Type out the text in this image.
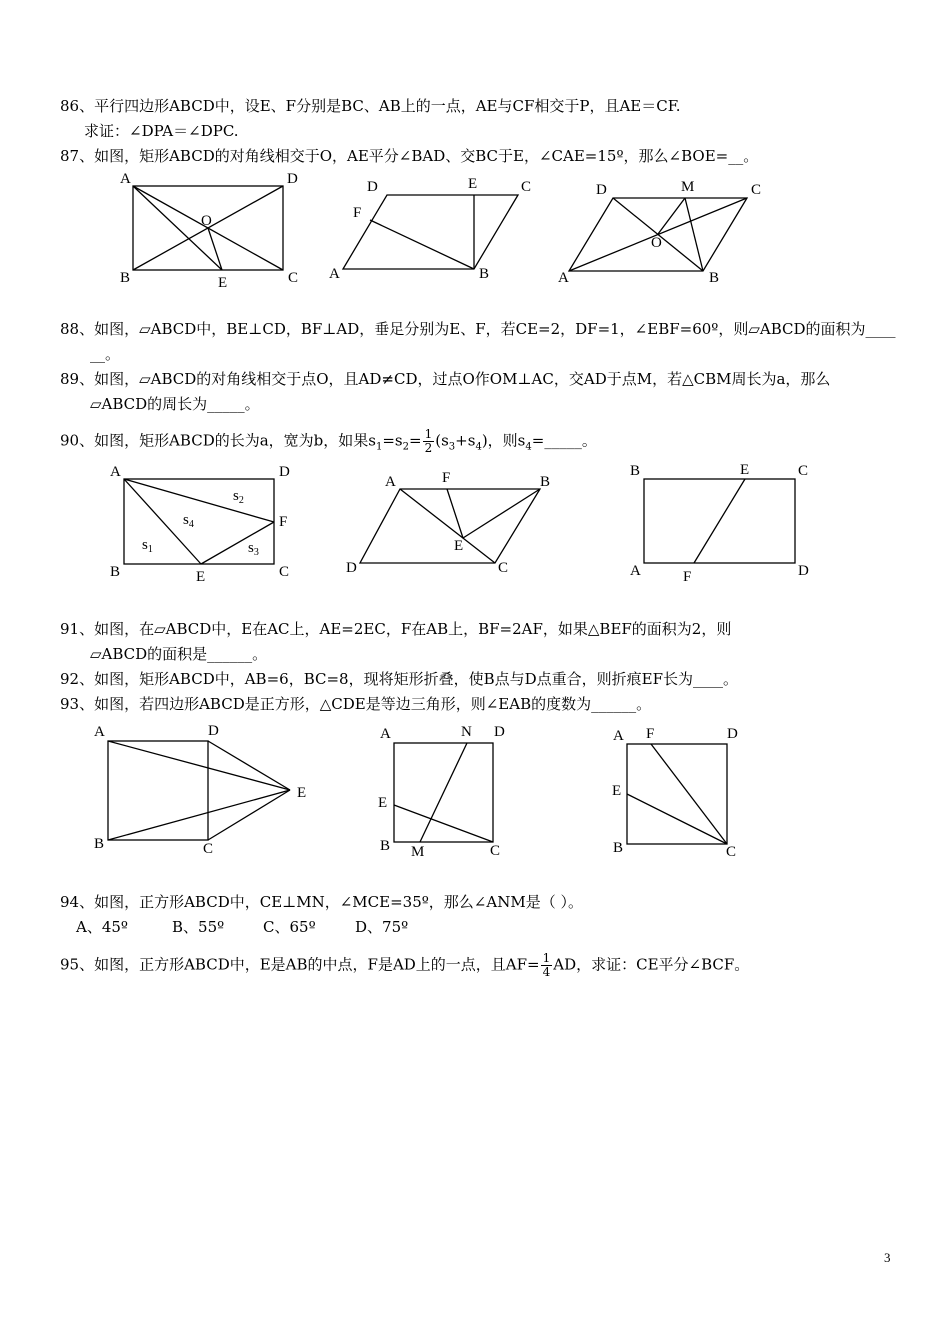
86、平行四边形ABCD中，设E、F分别是BC、AB上的一点，AE与CF相交于P，且AE＝CF.
求证：∠DPA＝∠DPC.
87、如图，矩形ABCD的对角线相交于O，AE平分∠BAD、交BC于E，∠CAE=15º，那么∠BOE=__。
A	D
B	C
E
O
D	E	C
F
A	B
D	M	C
O
A	B
88、如图，▱ABCD中，BE⊥CD，BF⊥AD，垂足分别为E、F，若CE=2，DF=1，∠EBF=60º，则▱ABCD的面积为____
__。
89、如图，▱ABCD的对角线相交于点O，且AD≠CD，过点O作OM⊥AC，交AD于点M，若△CBM周长为a，那么
▱ABCD的周长为_____。
90、如图，矩形ABCD的长为a，宽为b，如果$s_1=s_2= \frac{1}{2} (s_3+s_4)$，则$s_4=\_\_\_\_\_$。
A	D
B	C
E
F
$s_2$
$s_4$
$s_1$	$s_3$
A	F	B
E
D	C
B	E	C
A	F	D
91、如图，在▱ABCD中，E在AC上，AE=2EC，F在AB上，BF=2AF，如果△BEF的面积为2，则
▱ABCD的面积是______。
92、如图，矩形ABCD中，AB=6，BC=8，现将矩形折叠，使B点与D点重合，则折痕EF长为____。
93、如图，若四边形ABCD是正方形，△CDE是等边三角形，则∠EAB的度数为______。
A	D
E
B	C
A	N D
E
B M	C
A F	D
E
B	C
94、如图，正方形ABCD中，CE⊥MN，∠MCE=35º，那么∠ANM是（ ）。
A、45º	B、55º	C、65º	D、75º
95、如图，正方形ABCD中，E是AB的中点，F是AD上的一点，且$AF= \frac{1}{4}$ AD，求证：CE平分∠BCF。
3
